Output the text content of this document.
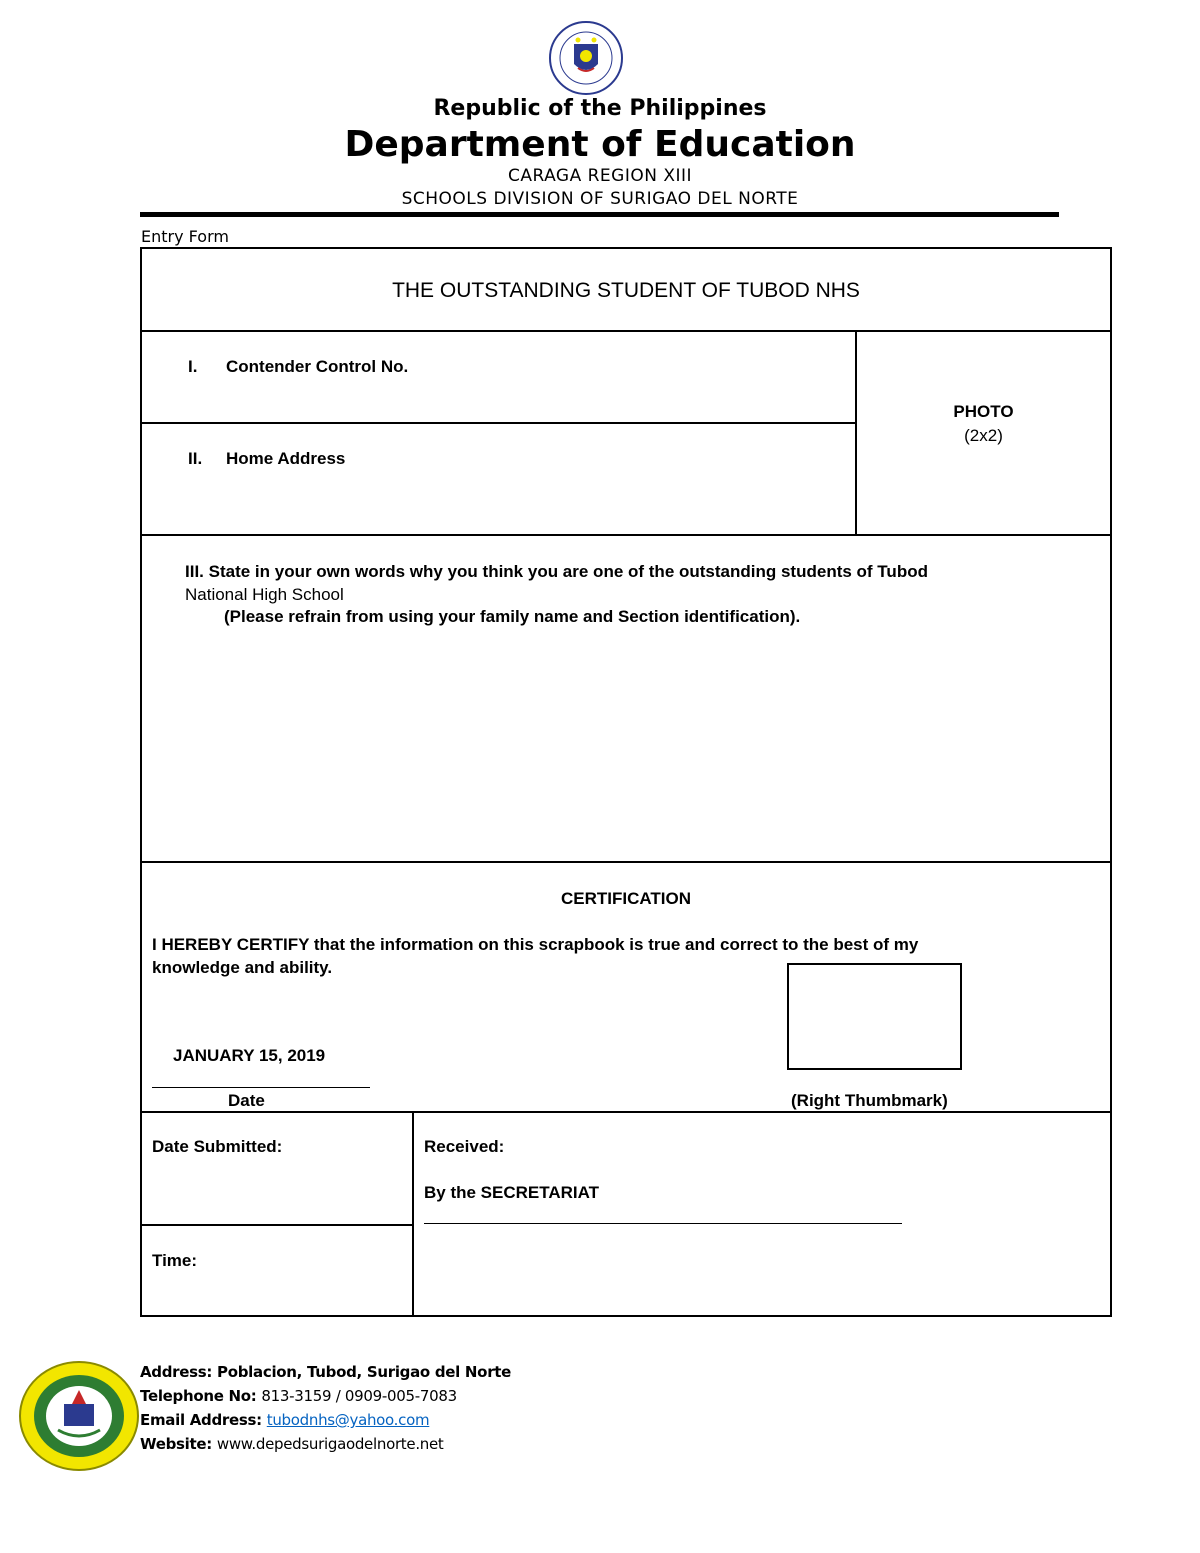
Republic of the Philippines
Department of Education
CARAGA REGION XIII
SCHOOLS DIVISION OF SURIGAO DEL NORTE
Entry Form
THE OUTSTANDING STUDENT OF TUBOD NHS
I. Contender Control No.
II. Home Address
PHOTO
(2x2)
III. State in your own words why you think you are one of the outstanding students of Tubod
National High School
(Please refrain from using your family name and Section identification).
CERTIFICATION
I HEREBY CERTIFY that the information on this scrapbook is true and correct to the best of my
knowledge and ability.
JANUARY 15, 2019
Date	(Right Thumbmark)
Date Submitted:
Time:
Received:
By the SECRETARIAT
Address: Poblacion, Tubod, Surigao del Norte
Telephone No: 813-3159 / 0909-005-7083
Email Address: tubodnhs@yahoo.com
Website: www.depedsurigaodelnorte.net
